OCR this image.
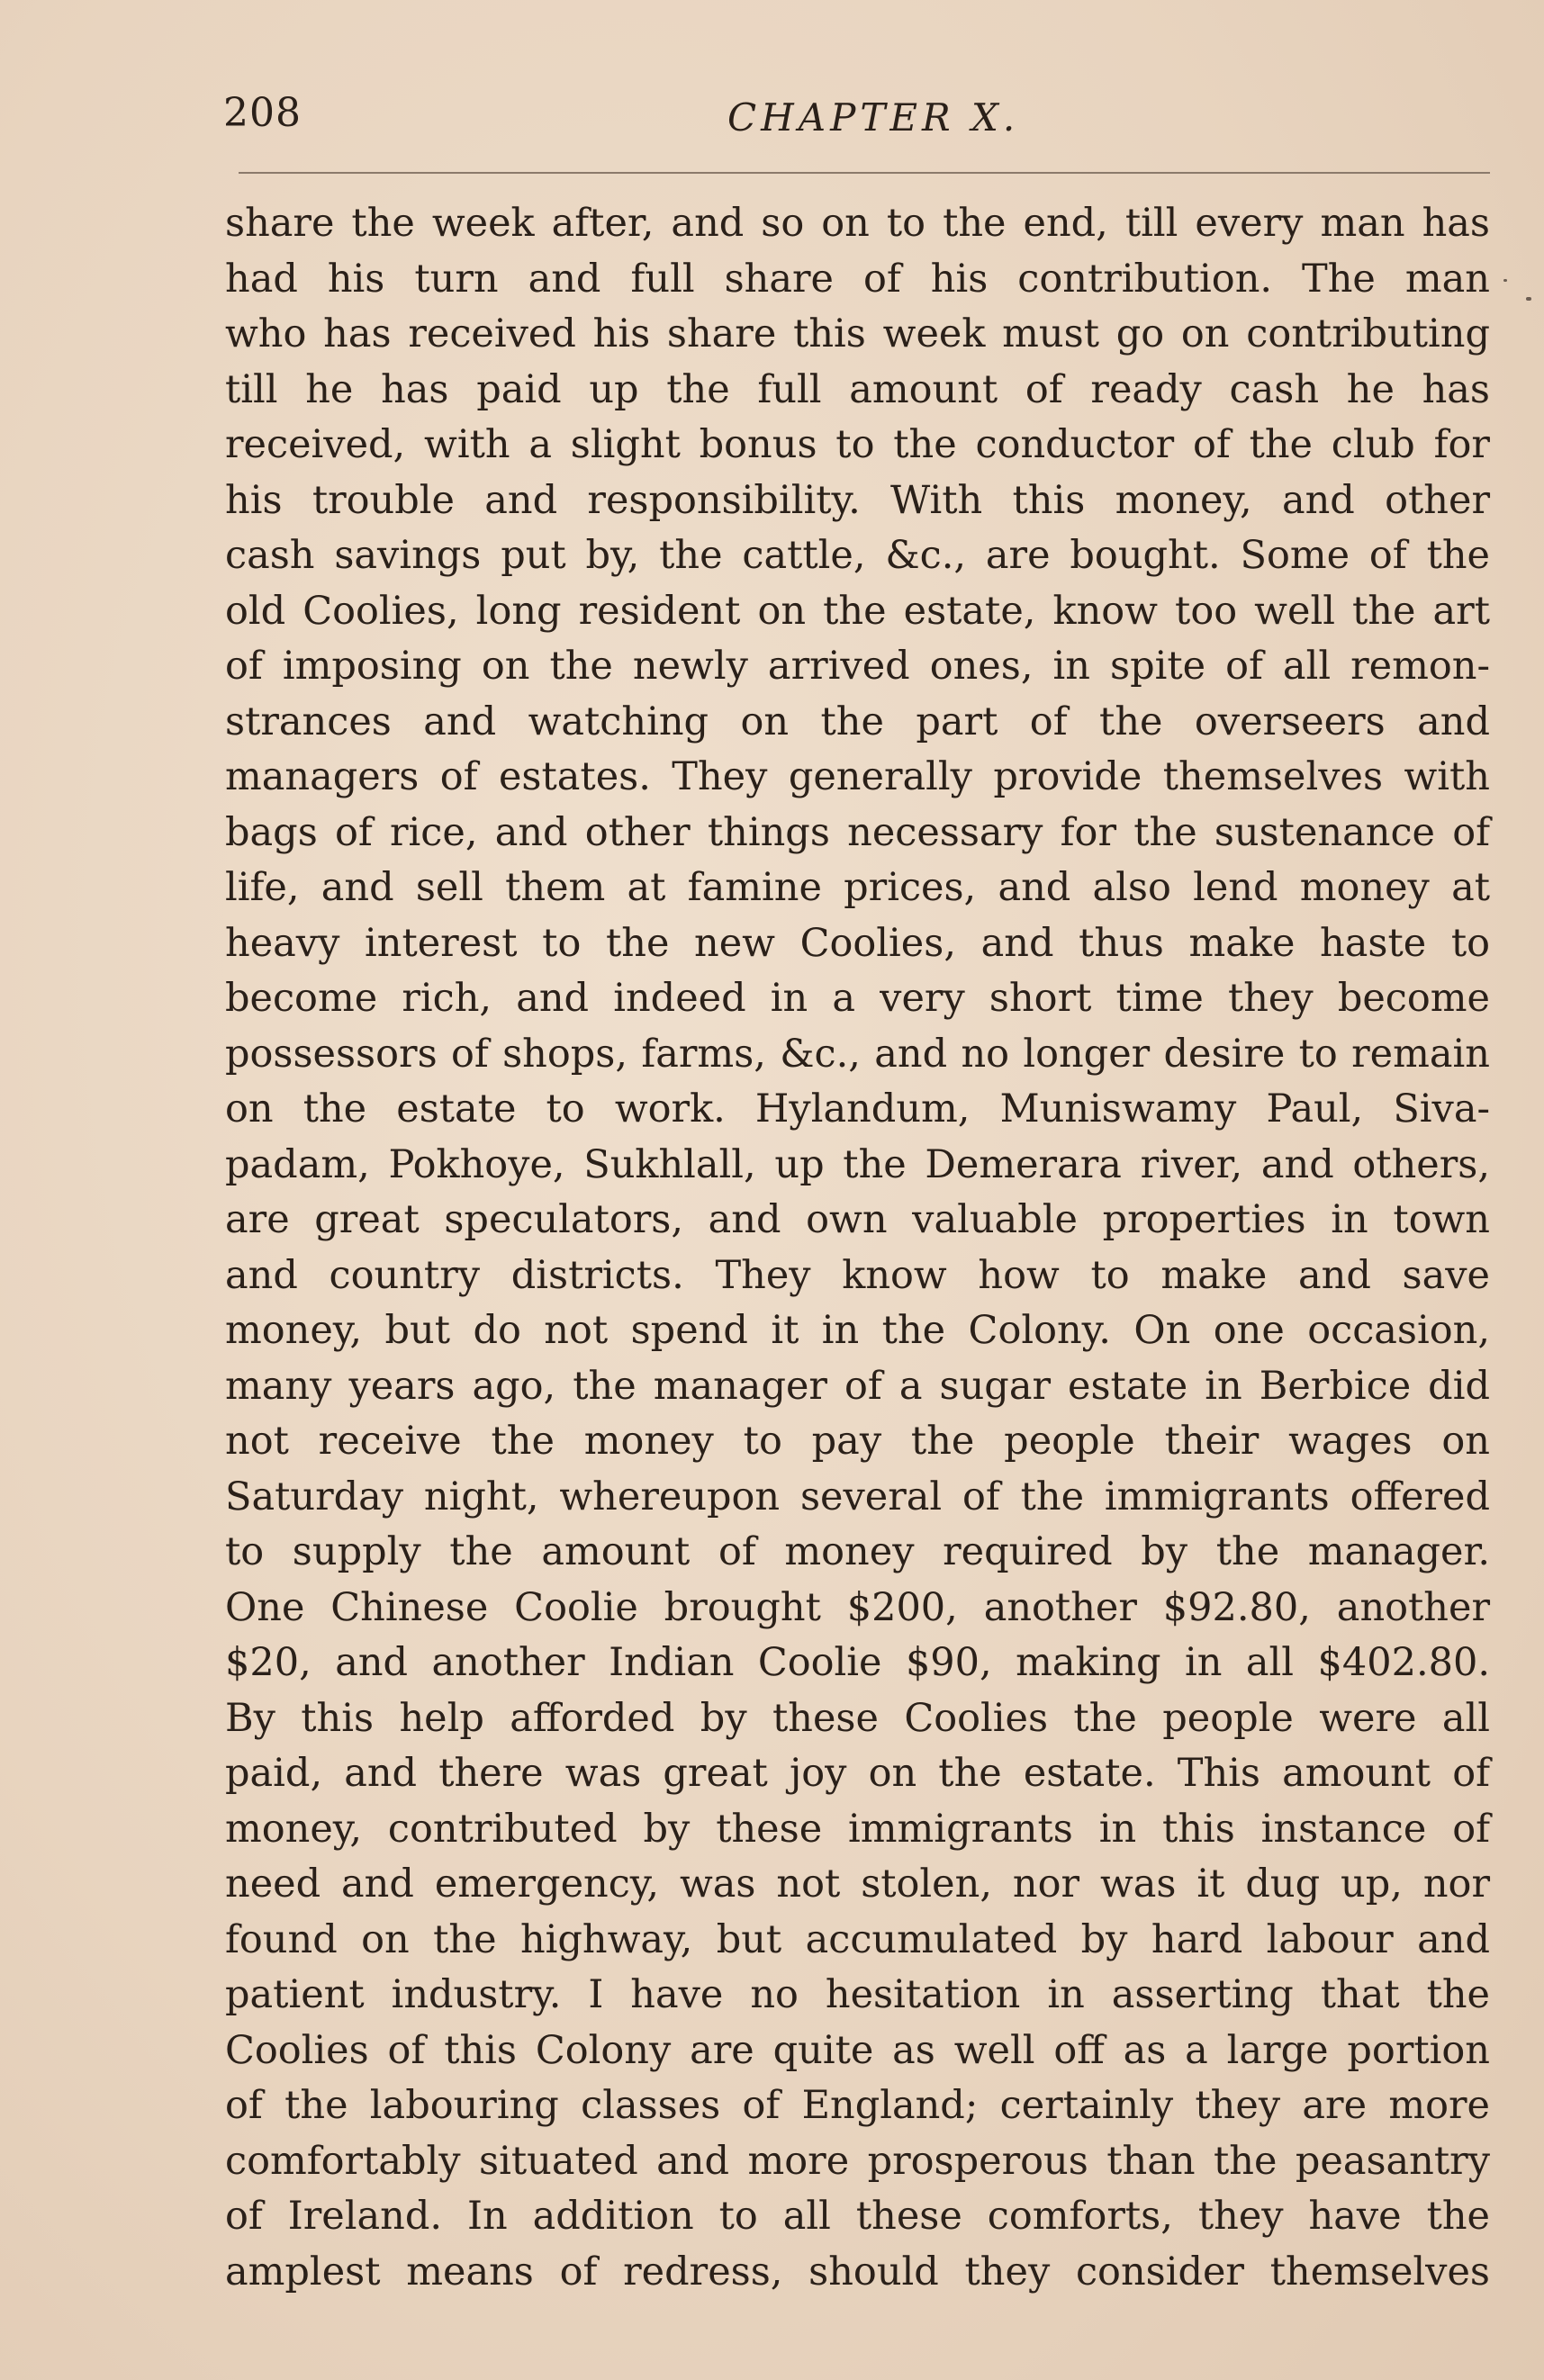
208	CHAPTER X.
share the week after, and so on to the end, till every man has
had his turn and full share of his contribution. The man
who has received his share this week must go on contributing
till he has paid up the full amount of ready cash he has
received, with a slight bonus to the conductor of the club for
his trouble and responsibility. With this money, and other
cash savings put by, the cattle, &c., are bought. Some of the
old Coolies, long resident on the estate, know too well the art
of imposing on the newly arrived ones, in spite of all remon-
strances and watching on the part of the overseers and
managers of estates. They generally provide themselves with
bags of rice, and other things necessary for the sustenance of
life, and sell them at famine prices, and also lend money at
heavy interest to the new Coolies, and thus make haste to
become rich, and indeed in a very short time they become
possessors of shops, farms, &c., and no longer desire to remain
on the estate to work. Hylandum, Muniswamy Paul, Siva-
padam, Pokhoye, Sukhlall, up the Demerara river, and others,
are great speculators, and own valuable properties in town
and country districts. They know how to make and save
money, but do not spend it in the Colony. On one occasion,
many years ago, the manager of a sugar estate in Berbice did
not receive the money to pay the people their wages on
Saturday night, whereupon several of the immigrants offered
to supply the amount of money required by the manager.
One Chinese Coolie brought $200, another $92.80, another
$20, and another Indian Coolie $90, making in all $402.80.
By this help afforded by these Coolies the people were all
paid, and there was great joy on the estate. This amount of
money, contributed by these immigrants in this instance of
need and emergency, was not stolen, nor was it dug up, nor
found on the highway, but accumulated by hard labour and
patient industry. I have no hesitation in asserting that the
Coolies of this Colony are quite as well off as a large portion
of the labouring classes of England; certainly they are more
comfortably situated and more prosperous than the peasantry
of Ireland. In addition to all these comforts, they have the
amplest means of redress, should they consider themselves
